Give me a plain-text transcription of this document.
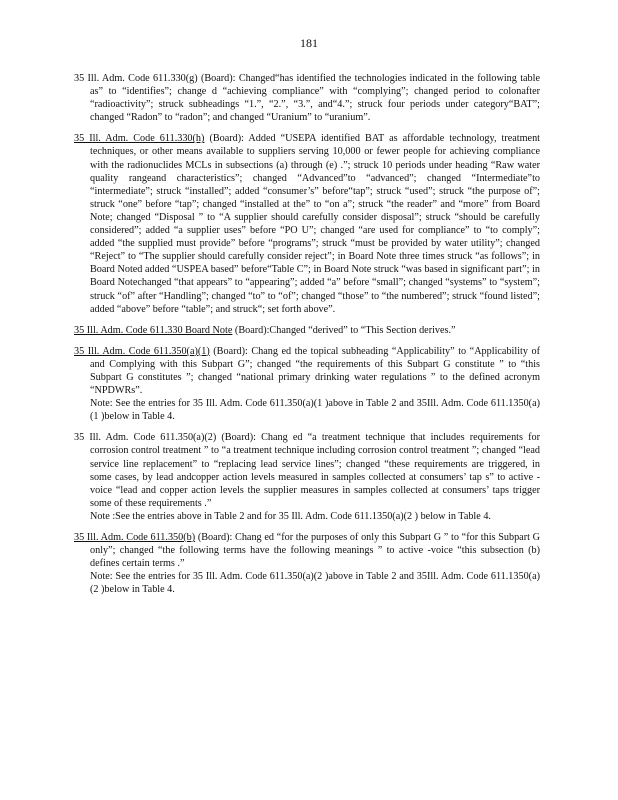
181
35 Ill. Adm. Code 611.330(g) (Board): Changed“has identified the technologies indicated in the following table as” to “identifies”; change d “achieving compliance” with “complying”; changed period to colonafter “radioactivity”; struck subheadings “1.”, “2.”, “3.”, and“4.”; struck four periods under category“BAT”; changed “Radon” to “radon”; and changed “Uranium” to “uranium”.
35 Ill. Adm. Code 611.330(h) (Board): Added “USEPA identified BAT as affordable technology, treatment techniques, or other means available to suppliers serving 10,000 or fewer people for achieving compliance with the radionuclides MCLs in subsections (a) through (e) .”; struck 10 periods under heading “Raw water quality rangeand characteristics”; changed “Advanced”to “advanced”; changed “Intermediate”to “intermediate”; struck “installed”; added “consumer’s” before“tap”; struck “used”; struck “the purpose of”; struck “one” before “tap”; changed “installed at the” to “on a”; struck “the reader” and “more” from Board Note; changed “Disposal ” to “A supplier should carefully consider disposal”; struck “should be carefully considered”; added “a supplier uses” before “PO U”; changed “are used for compliance” to “to comply”; added “the supplied must provide” before “programs”; struck “must be provided by water utility”; changed “Reject” to “The supplier should carefully consider reject”; in Board Note three times struck “as follows”; in Board Noted added “USPEA based” before“Table C”; in Board Note struck “was based in significant part”; in Board Notechanged “that appears” to “appearing”; added “a” before “small”; changed “systems” to “system”; struck “of” after “Handling”; changed “to” to “of”; changed “those” to “the numbered”; struck “found listed”; added “above” before “table”; and struck“; set forth above”.
35 Ill. Adm. Code 611.330 Board Note (Board):Changed “derived” to “This Section derives.”
35 Ill. Adm. Code 611.350(a)(1) (Board): Chang ed the topical subheading “Applicability” to “Applicability of and Complying with this Subpart G”; changed “the requirements of this Subpart G constitute ” to “this Subpart G constitutes ”; changed “national primary drinking water regulations ” to the defined acronym “NPDWRs”.
Note: See the entries for 35 Ill. Adm. Code 611.350(a)(1 )above in Table 2 and 35Ill. Adm. Code 611.1350(a)(1 )below in Table 4.
35 Ill. Adm. Code 611.350(a)(2) (Board): Chang ed “a treatment technique that includes requirements for corrosion control treatment ” to “a treatment technique including corrosion control treatment ”; changed “lead service line replacement” to “replacing lead service lines”; changed “these requirements are triggered, in some cases, by lead andcopper action levels measured in samples collected at consumers’ tap s” to active -voice “lead and copper action levels the supplier measures in samples collected at consumers’ taps trigger some of these requirements .”
Note :See the entries above in Table 2 and for 35 Ill. Adm. Code 611.1350(a)(2 ) below in Table 4.
35 Ill. Adm. Code 611.350(b) (Board): Chang ed “for the purposes of only this Subpart G ” to “for this Subpart G only”; changed “the following terms have the following meanings ” to active -voice “this subsection (b) defines certain terms .”
Note: See the entries for 35 Ill. Adm. Code 611.350(a)(2 )above in Table 2 and 35Ill. Adm. Code 611.1350(a)(2 )below in Table 4.
